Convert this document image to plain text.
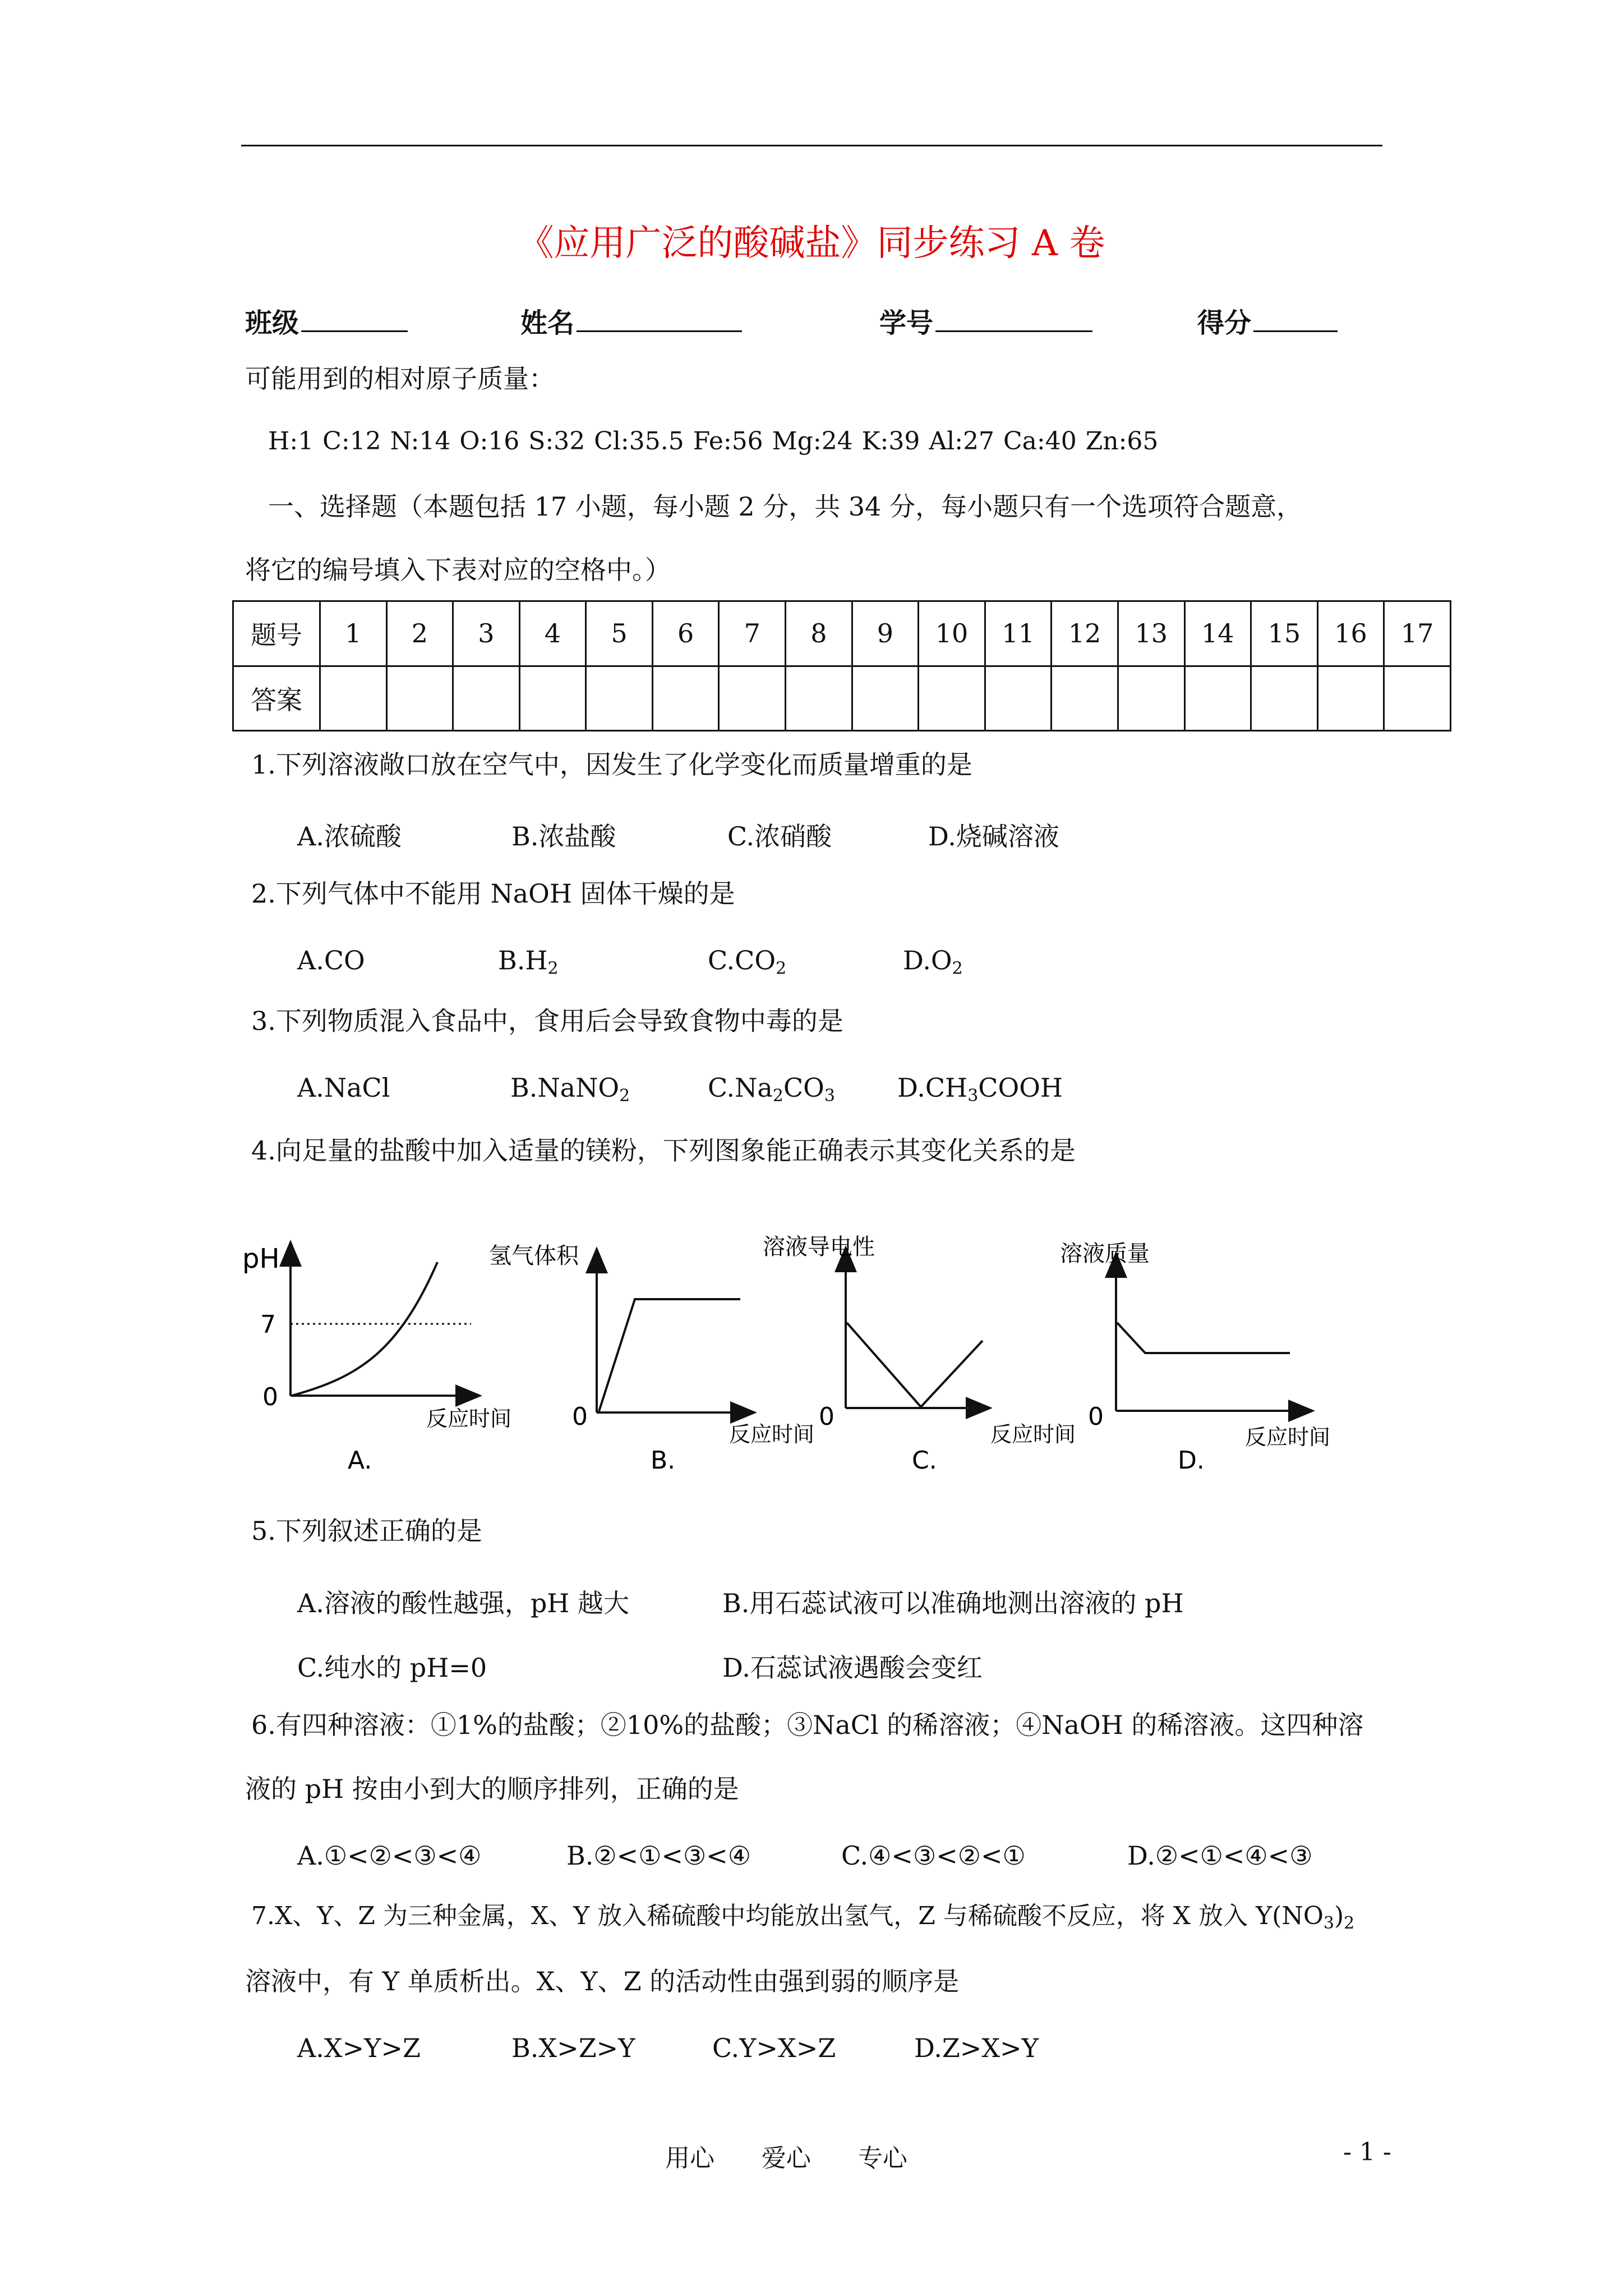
《应用广泛的酸碱盐》同步练习 A 卷
班级	姓名	学号	得分
可能用到的相对原子质量：
H:1 C:12 N:14 O:16 S:32 Cl:35.5 Fe:56 Mg:24 K:39 Al:27 Ca:40 Zn:65
一、选择题（本题包括 17 小题，每小题 2 分，共 34 分，每小题只有一个选项符合题意，
将它的编号填入下表对应的空格中。）
题号	1	2	3	4	5	6	7	8	9	10	11	12	13	14	15	16	17
答案																	
1.下列溶液敞口放在空气中，因发生了化学变化而质量增重的是
A.浓硫酸	B.浓盐酸	C.浓硝酸	D.烧碱溶液
2.下列气体中不能用 NaOH 固体干燥的是
A.CO	$B.H_2$	$C.CO_2$	$D.O_2$
3.下列物质混入食品中，食用后会导致食物中毒的是
A.NaCl	B.NaNO$_2$	$C.Na_2CO_3$ $D.CH_3COOH$
4.向足量的盐酸中加入适量的镁粉，下列图象能正确表示其变化关系的是
pH
7
0
反应时间
A.
氢气体积
0
反应时间
B.
溶液导电性
0
反应时间
C.
溶液质量
0
反应时间
D.
5.下列叙述正确的是
A.溶液的酸性越强，pH 越大	B.用石蕊试液可以准确地测出溶液的 pH
C.纯水的 pH=0	D.石蕊试液遇酸会变红
6.有四种溶液：①1%的盐酸；②10%的盐酸；③NaCl 的稀溶液；④NaOH 的稀溶液。这四种溶
液的 pH 按由小到大的顺序排列，正确的是
A.①<②<③<④	B.②<①<③<④	C.④<③<②<①	D.②<①<④<③
7.X、Y、Z 为三种金属，X、Y 放入稀硫酸中均能放出氢气，Z 与稀硫酸不反应，将 X 放入 $Y(NO_3)_2$
溶液中，有 Y 单质析出。X、Y、Z 的活动性由强到弱的顺序是
A.X>Y>Z	B.X>Z>Y	C.Y>X>Z	D.Z>X>Y
用心      爱心      专心	- 1 -
